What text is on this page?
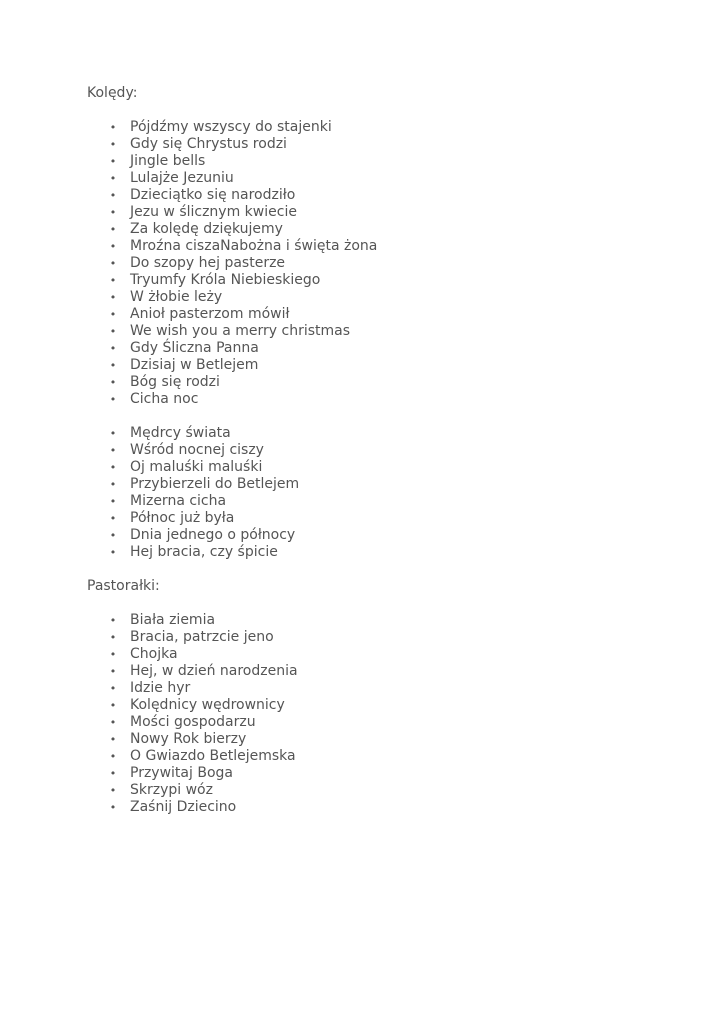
Kolędy:

• Pójdźmy wszyscy do stajenki
• Gdy się Chrystus rodzi
• Jingle bells
• Lulajże Jezuniu
• Dzieciątko się narodziło
• Jezu w ślicznym kwiecie
• Za kolędę dziękujemy
• Mroźna ciszaNabożna i święta żona
• Do szopy hej pasterze
• Tryumfy Króla Niebieskiego
• W żłobie leży
• Anioł pasterzom mówił
• We wish you a merry christmas
• Gdy Śliczna Panna
• Dzisiaj w Betlejem
• Bóg się rodzi
• Cicha noc
• Mędrcy świata
• Wśród nocnej ciszy
• Oj maluśki maluśki
• Przybierzeli do Betlejem
• Mizerna cicha
• Północ już była
• Dnia jednego o północy
• Hej bracia, czy śpicie

Pastorałki:

• Biała ziemia
• Bracia, patrzcie jeno
• Chojka
• Hej, w dzień narodzenia
• Idzie hyr
• Kolędnicy wędrownicy
• Mości gospodarzu
• Nowy Rok bierzy
• O Gwiazdo Betlejemska
• Przywitaj Boga
• Skrzypi wóz
• Zaśnij Dziecino
